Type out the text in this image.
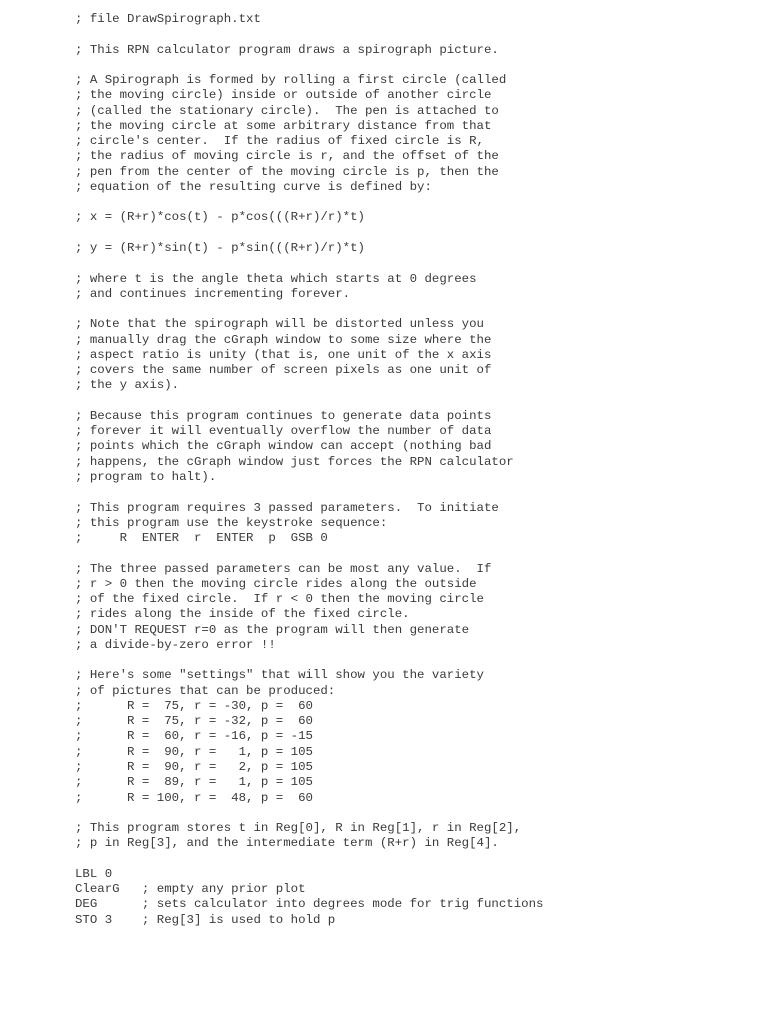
; file DrawSpirograph.txt
; This RPN calculator program draws a spirograph picture.
; A Spirograph is formed by rolling a first circle (called
; the moving circle) inside or outside of another circle
; (called the stationary circle).  The pen is attached to
; the moving circle at some arbitrary distance from that
; circle's center.  If the radius of fixed circle is R,
; the radius of moving circle is r, and the offset of the
; pen from the center of the moving circle is p, then the
; equation of the resulting curve is defined by:
; x = (R+r)*cos(t) - p*cos(((R+r)/r)*t)
; y = (R+r)*sin(t) - p*sin(((R+r)/r)*t)
; where t is the angle theta which starts at 0 degrees
; and continues incrementing forever.
; Note that the spirograph will be distorted unless you
; manually drag the cGraph window to some size where the
; aspect ratio is unity (that is, one unit of the x axis
; covers the same number of screen pixels as one unit of
; the y axis).
; Because this program continues to generate data points
; forever it will eventually overflow the number of data
; points which the cGraph window can accept (nothing bad
; happens, the cGraph window just forces the RPN calculator
; program to halt).
; This program requires 3 passed parameters.  To initiate
; this program use the keystroke sequence:
;     R  ENTER  r  ENTER  p  GSB 0
; The three passed parameters can be most any value.  If
; r > 0 then the moving circle rides along the outside
; of the fixed circle.  If r < 0 then the moving circle
; rides along the inside of the fixed circle.
; DON'T REQUEST r=0 as the program will then generate
; a divide-by-zero error !!
; Here's some "settings" that will show you the variety
; of pictures that can be produced:
;      R =  75, r = -30, p =  60
;      R =  75, r = -32, p =  60
;      R =  60, r = -16, p = -15
;      R =  90, r =   1, p = 105
;      R =  90, r =   2, p = 105
;      R =  89, r =   1, p = 105
;      R = 100, r =  48, p =  60
; This program stores t in Reg[0], R in Reg[1], r in Reg[2],
; p in Reg[3], and the intermediate term (R+r) in Reg[4].
LBL 0
ClearG   ; empty any prior plot
DEG      ; sets calculator into degrees mode for trig functions
STO 3    ; Reg[3] is used to hold p
